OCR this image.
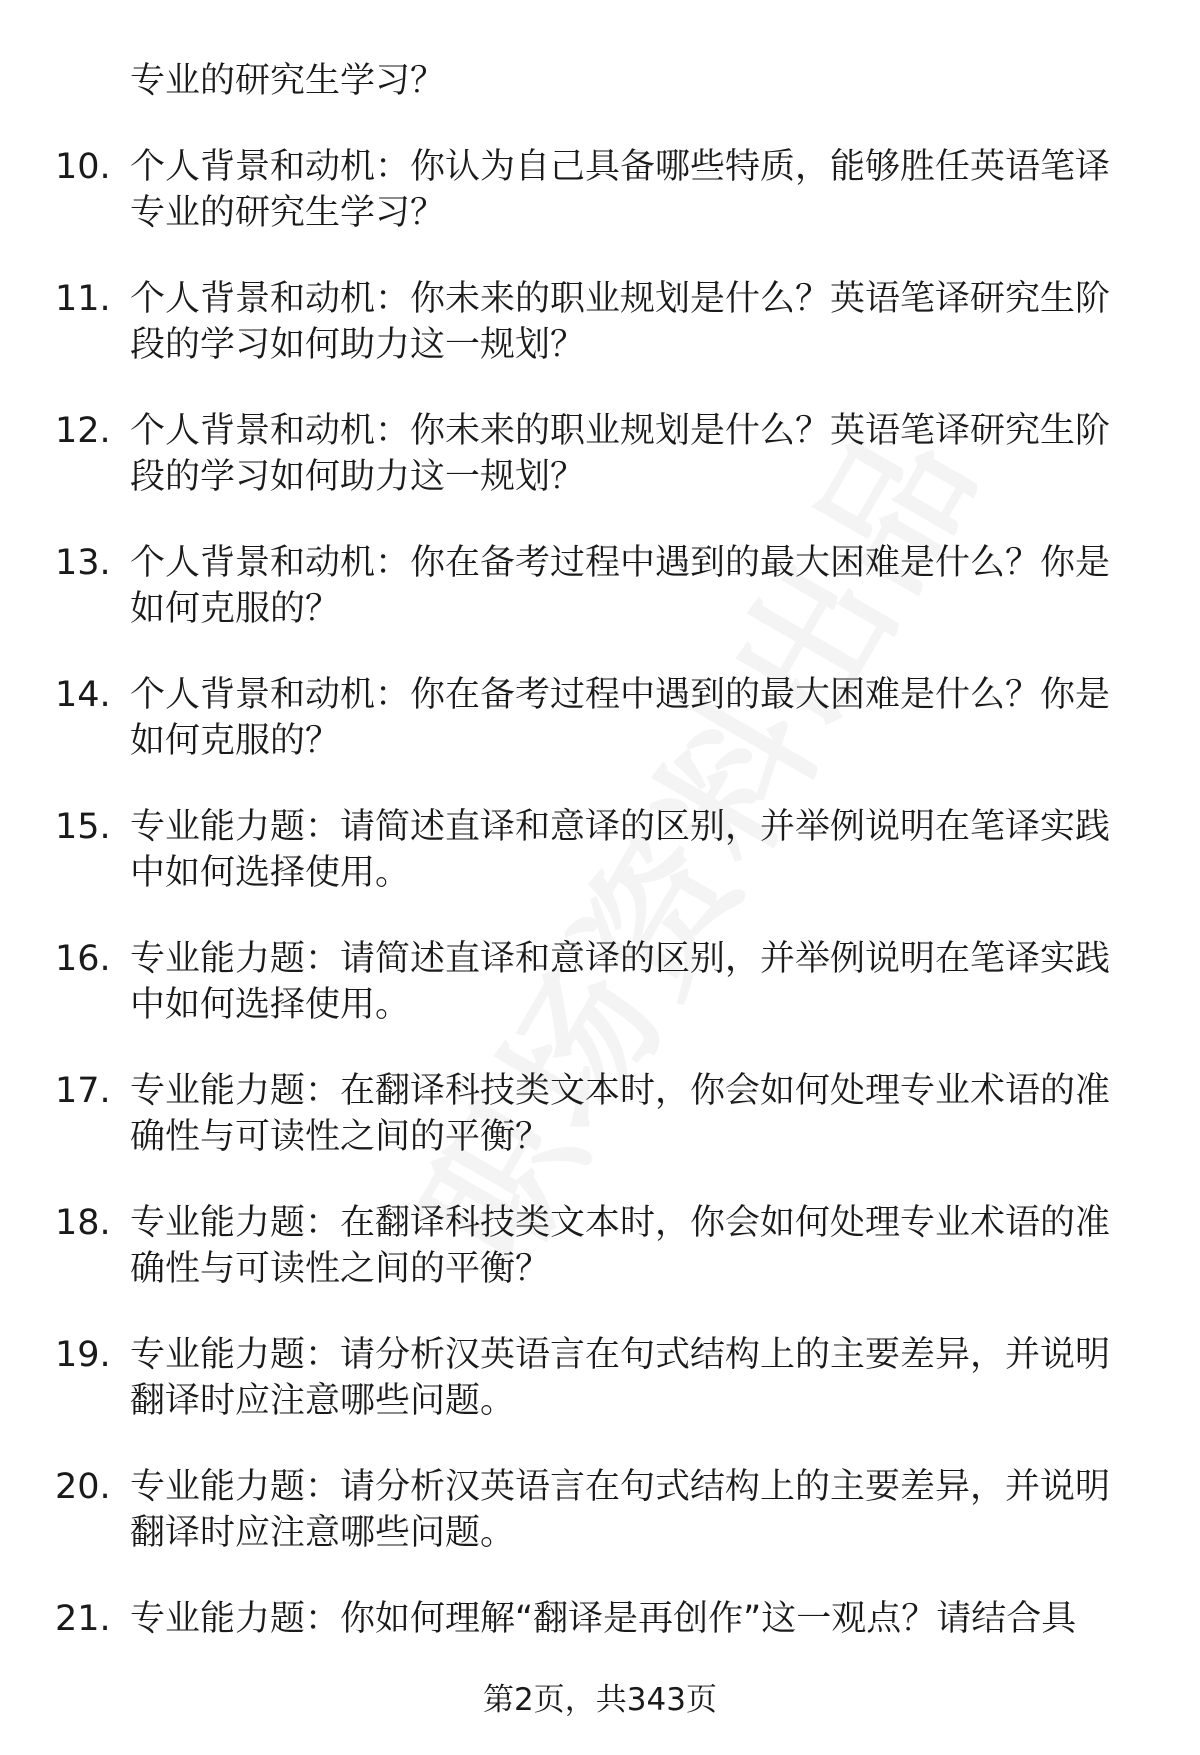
专业的研究生学习？
10. 个人背景和动机：你认为自己具备哪些特质，能够胜任英语笔译
专业的研究生学习？
11. 个人背景和动机：你未来的职业规划是什么？英语笔译研究生阶
段的学习如何助力这一规划？
12. 个人背景和动机：你未来的职业规划是什么？英语笔译研究生阶
段的学习如何助力这一规划？
13. 个人背景和动机：你在备考过程中遇到的最大困难是什么？你是
如何克服的？
14. 个人背景和动机：你在备考过程中遇到的最大困难是什么？你是
如何克服的？
15. 专业能力题：请简述直译和意译的区别，并举例说明在笔译实践
中如何选择使用。
16. 专业能力题：请简述直译和意译的区别，并举例说明在笔译实践
中如何选择使用。
17. 专业能力题：在翻译科技类文本时，你会如何处理专业术语的准
确性与可读性之间的平衡？
18. 专业能力题：在翻译科技类文本时，你会如何处理专业术语的准
确性与可读性之间的平衡？
19. 专业能力题：请分析汉英语言在句式结构上的主要差异，并说明
翻译时应注意哪些问题。
20. 专业能力题：请分析汉英语言在句式结构上的主要差异，并说明
翻译时应注意哪些问题。
21. 专业能力题：你如何理解“翻译是再创作”这一观点？请结合具
第2页，共343页
